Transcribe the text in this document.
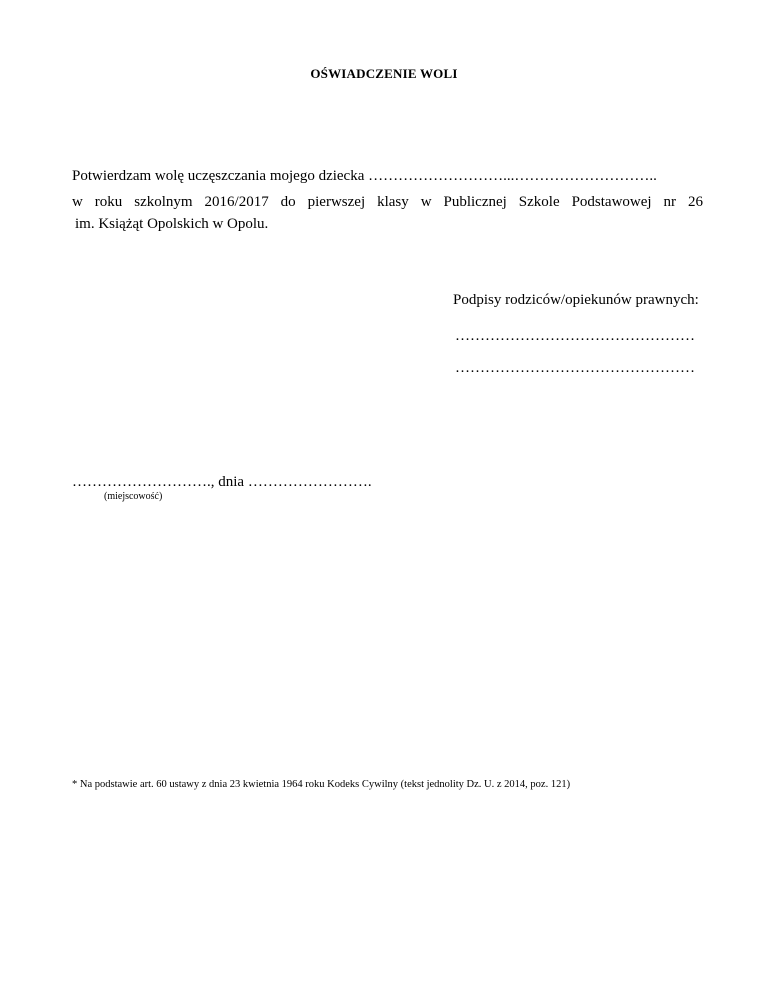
OŚWIADCZENIE WOLI
Potwierdzam wolę uczęszczania mojego dziecka ………………………...………………………..
w roku szkolnym 2016/2017 do pierwszej klasy w Publicznej Szkole Podstawowej nr 26
im. Książąt Opolskich w Opolu.
Podpisy rodziców/opiekunów prawnych:
…………………………………………
…………………………………………
………………………., dnia …………………….
(miejscowość)
* Na podstawie art. 60 ustawy z dnia 23 kwietnia 1964 roku Kodeks Cywilny (tekst jednolity Dz. U. z 2014, poz. 121)
